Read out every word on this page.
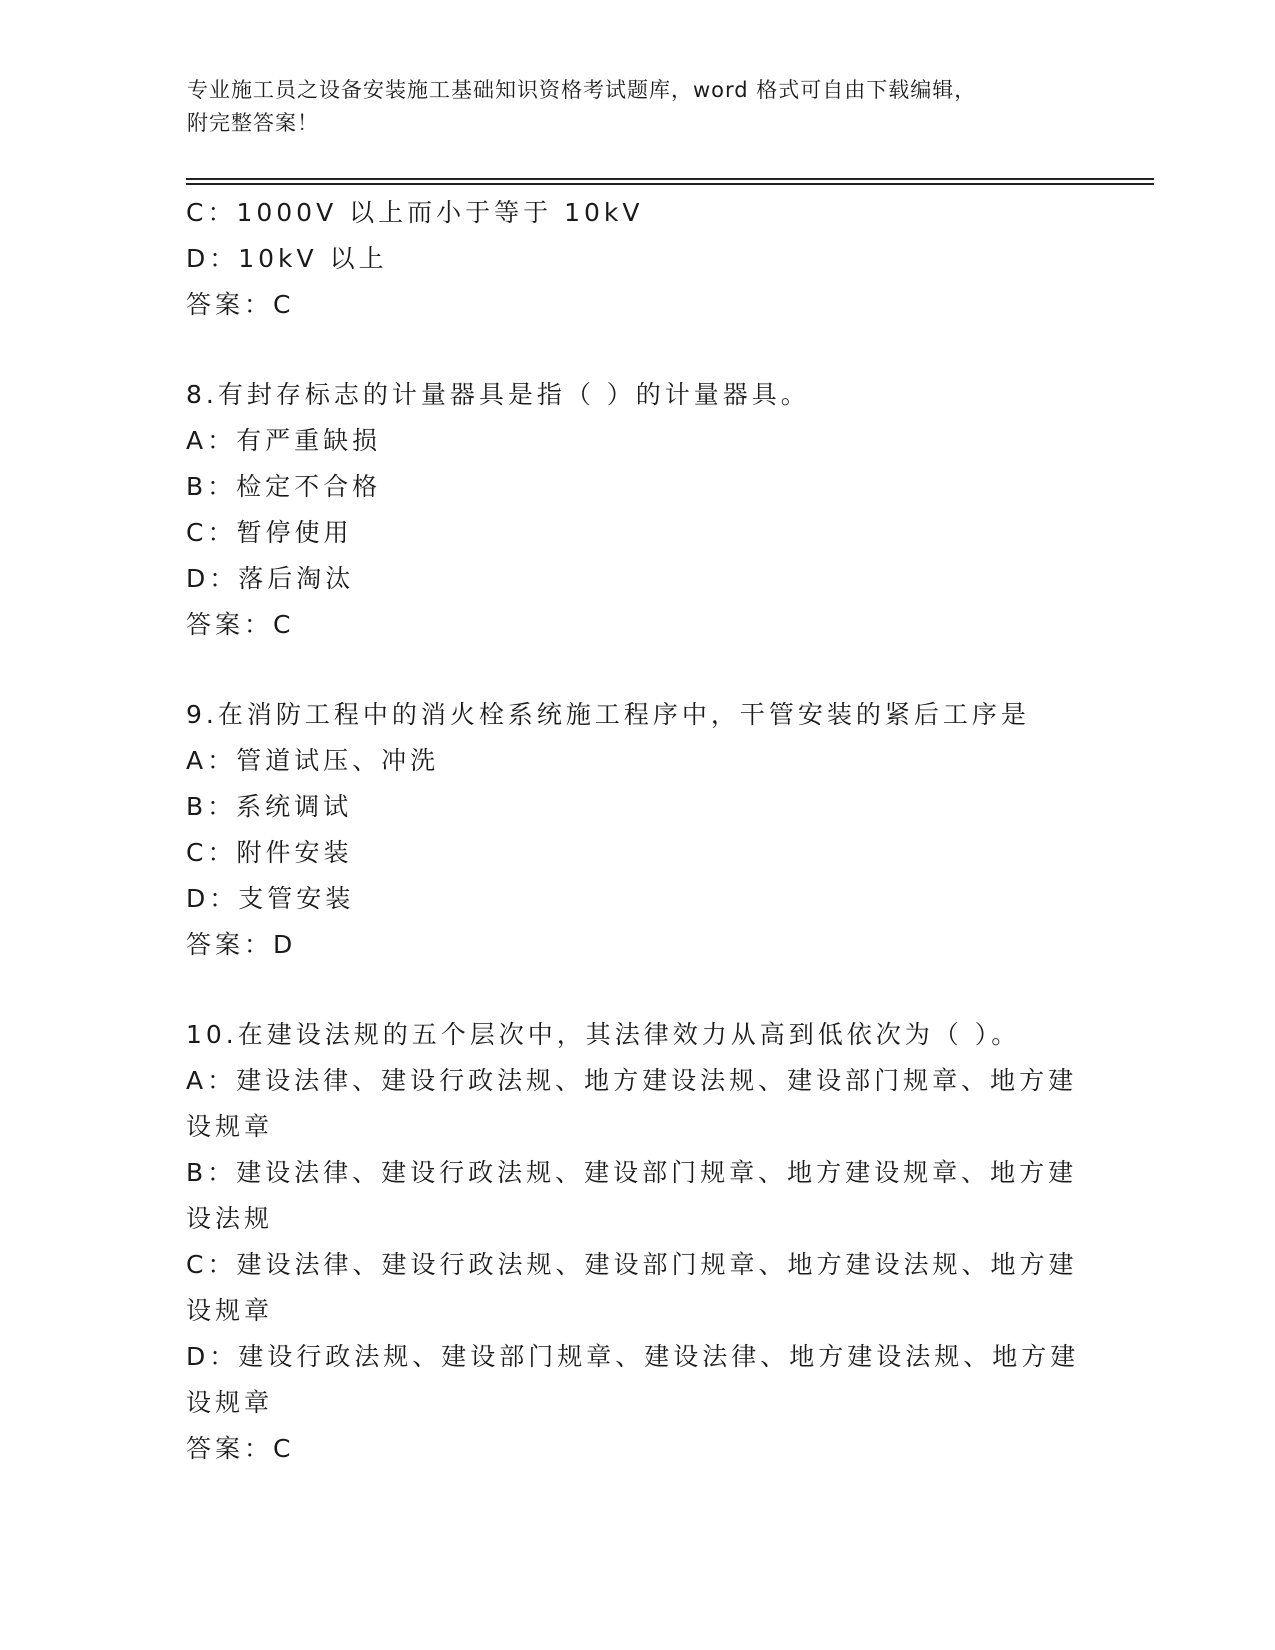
专业施工员之设备安装施工基础知识资格考试题库，word 格式可自由下载编辑，
附完整答案！
C：1000V 以上而小于等于 10kV
D：10kV 以上
答案：C
8.有封存标志的计量器具是指（ ）的计量器具。
A：有严重缺损
B：检定不合格
C：暂停使用
D：落后淘汰
答案：C
9.在消防工程中的消火栓系统施工程序中，干管安装的紧后工序是
A：管道试压、冲洗
B：系统调试
C：附件安装
D：支管安装
答案：D
10.在建设法规的五个层次中，其法律效力从高到低依次为（ ）。
A：建设法律、建设行政法规、地方建设法规、建设部门规章、地方建
设规章
B：建设法律、建设行政法规、建设部门规章、地方建设规章、地方建
设法规
C：建设法律、建设行政法规、建设部门规章、地方建设法规、地方建
设规章
D：建设行政法规、建设部门规章、建设法律、地方建设法规、地方建
设规章
答案：C
